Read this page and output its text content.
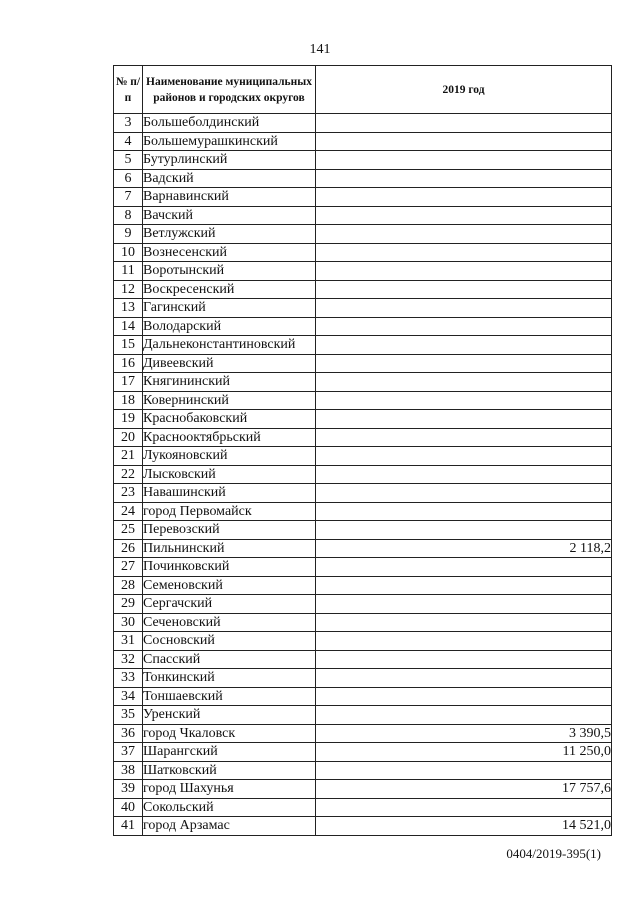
141
№ п/п	Наименование муниципальных районов и городских округов	2019 год
3	Большеболдинский	
4	Большемурашкинский	
5	Бутурлинский	
6	Вадский	
7	Варнавинский	
8	Вачский	
9	Ветлужский	
10	Вознесенский	
11	Воротынский	
12	Воскресенский	
13	Гагинский	
14	Володарский	
15	Дальнеконстантиновский	
16	Дивеевский	
17	Княгининский	
18	Ковернинский	
19	Краснобаковский	
20	Краснооктябрьский	
21	Лукояновский	
22	Лысковский	
23	Навашинский	
24	город Первомайск	
25	Перевозский	
26	Пильнинский	2 118,2
27	Починковский	
28	Семеновский	
29	Сергачский	
30	Сеченовский	
31	Сосновский	
32	Спасский	
33	Тонкинский	
34	Тоншаевский	
35	Уренский	
36	город Чкаловск	3 390,5
37	Шарангский	11 250,0
38	Шатковский	
39	город Шахунья	17 757,6
40	Сокольский	
41	город Арзамас	14 521,0
0404/2019-395(1)
